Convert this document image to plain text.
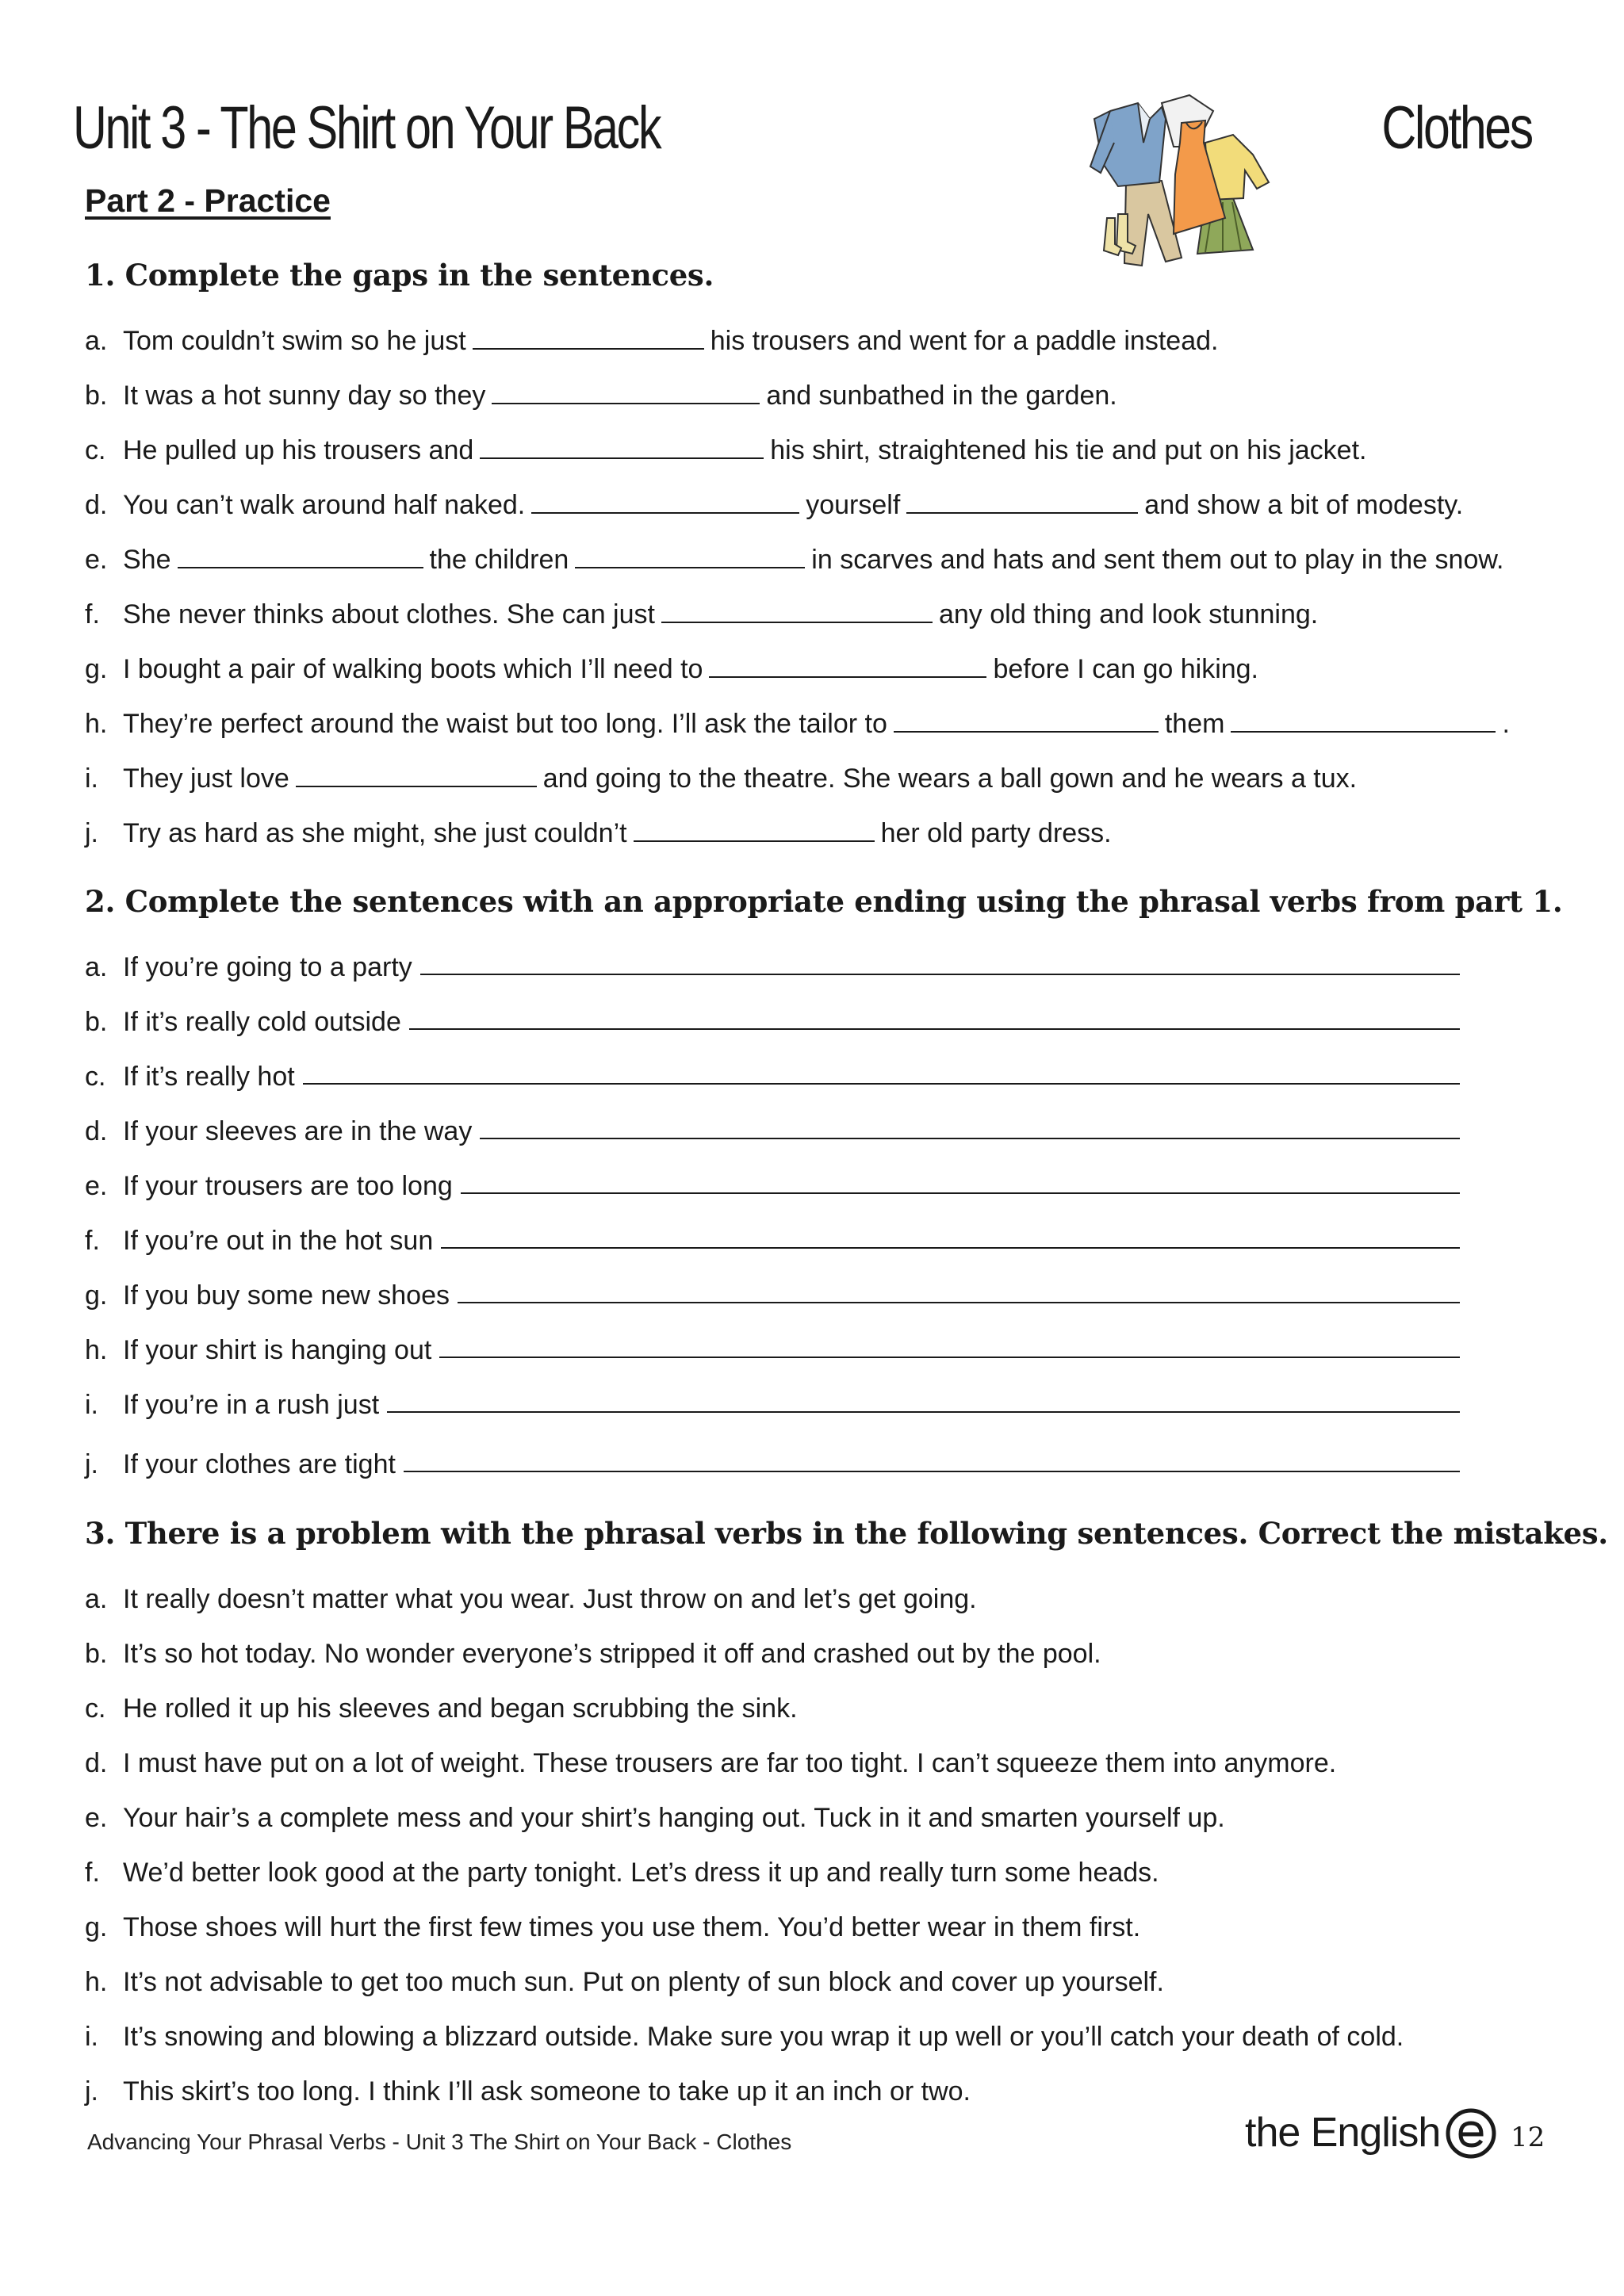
Unit 3 - The Shirt on Your Back	Clothes
Part 2 - Practice
1. Complete the gaps in the sentences.
a. Tom couldn’t swim so he just	his trousers and went for a paddle instead.
b. It was a hot sunny day so they	and sunbathed in the garden.
c. He pulled up his trousers and	his shirt, straightened his tie and put on his jacket.
d. You can’t walk around half naked.	yourself	and show a bit of modesty.
e. She	the children	in scarves and hats and sent them out to play in the snow.
f. She never thinks about clothes. She can just	any old thing and look stunning.
g. I bought a pair of walking boots which I’ll need to	before I can go hiking.
h. They’re perfect around the waist but too long. I’ll ask the tailor to	them	.
i. They just love	and going to the theatre. She wears a ball gown and he wears a tux.
j. Try as hard as she might, she just couldn’t	her old party dress.
2. Complete the sentences with an appropriate ending using the phrasal verbs from part 1.
a. If you’re going to a party
b. If it’s really cold outside
c. If it’s really hot
d. If your sleeves are in the way
e. If your trousers are too long
f. If you’re out in the hot sun
g. If you buy some new shoes
h. If your shirt is hanging out
i. If you’re in a rush just
j. If your clothes are tight
3. There is a problem with the phrasal verbs in the following sentences. Correct the mistakes.
a. It really doesn’t matter what you wear. Just throw on and let’s get going.
b. It’s so hot today. No wonder everyone’s stripped it off and crashed out by the pool.
c. He rolled it up his sleeves and began scrubbing the sink.
d. I must have put on a lot of weight. These trousers are far too tight. I can’t squeeze them into anymore.
e. Your hair’s a complete mess and your shirt’s hanging out. Tuck in it and smarten yourself up.
f. We’d better look good at the party tonight. Let’s dress it up and really turn some heads.
g. Those shoes will hurt the first few times you use them. You’d better wear in them first.
h. It’s not advisable to get too much sun. Put on plenty of sun block and cover up yourself.
i. It’s snowing and blowing a blizzard outside. Make sure you wrap it up well or you’ll catch your death of cold.
j. This skirt’s too long. I think I’ll ask someone to take up it an inch or two.
Advancing Your Phrasal Verbs - Unit 3 The Shirt on Your Back - Clothes	the English	12
